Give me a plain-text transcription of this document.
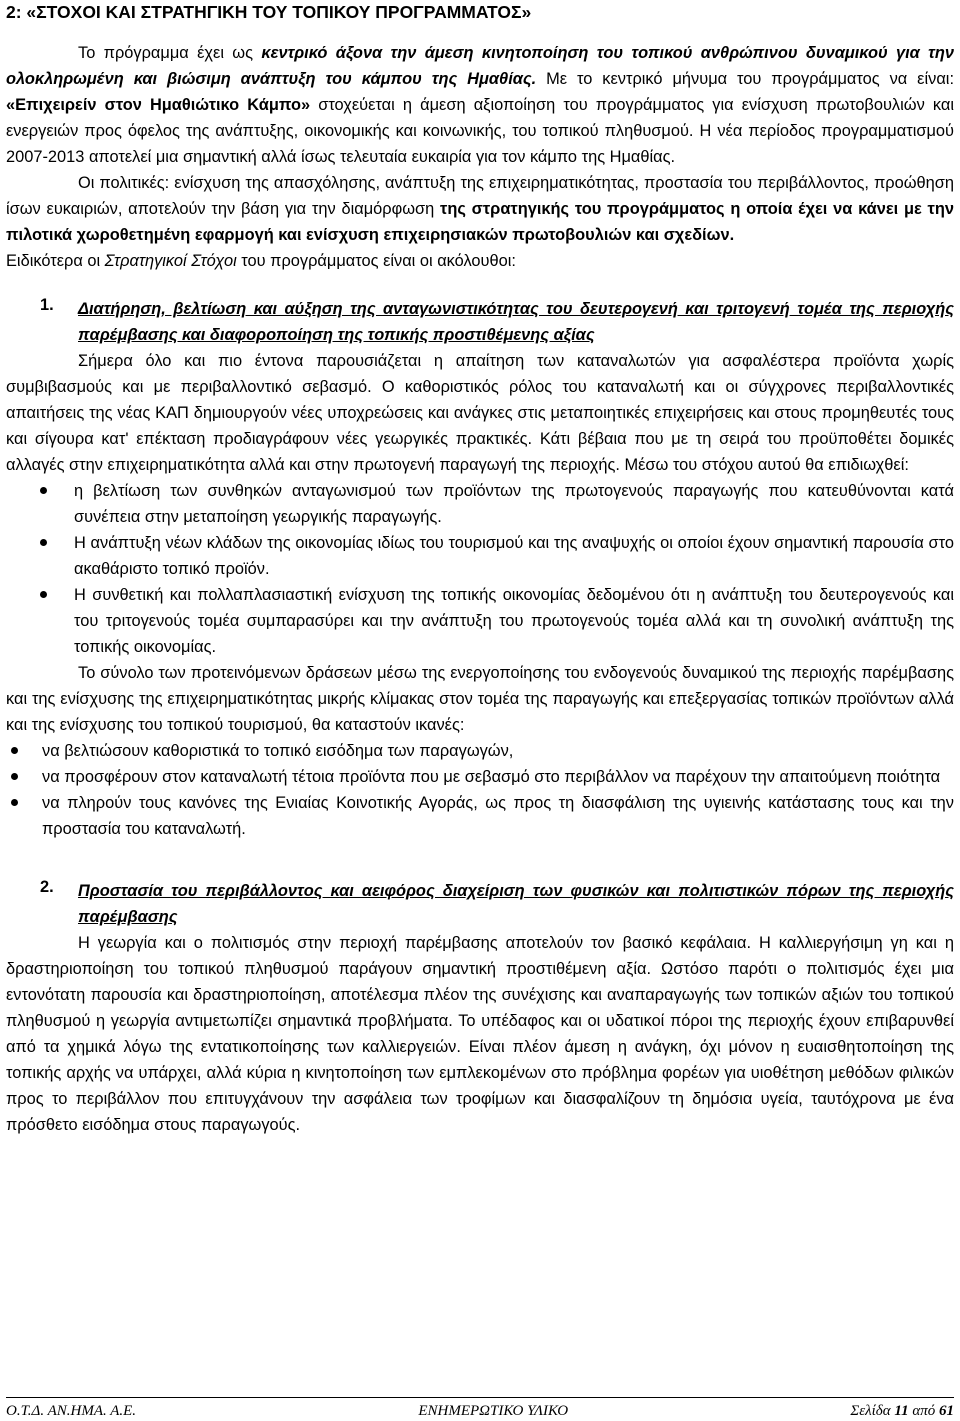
2: «ΣΤΟΧΟΙ ΚΑΙ ΣΤΡΑΤΗΓΙΚΗ ΤΟΥ ΤΟΠΙΚΟΥ ΠΡΟΓΡΑΜΜΑΤΟΣ»

Το πρόγραμμα έχει ως κεντρικό άξονα την άμεση κινητοποίηση του τοπικού ανθρώπινου δυναμικού για την ολοκληρωμένη και βιώσιμη ανάπτυξη του κάμπου της Ημαθίας. Με το κεντρικό μήνυμα του προγράμματος να είναι: «Επιχειρείν στον Ημαθιώτικο Κάμπο» στοχεύεται η άμεση αξιοποίηση του προγράμματος για ενίσχυση πρωτοβουλιών και ενεργειών προς όφελος της ανάπτυξης, οικονομικής και κοινωνικής, του τοπικού πληθυσμού. Η νέα περίοδος προγραμματισμού 2007-2013 αποτελεί μια σημαντική αλλά ίσως τελευταία ευκαιρία για τον κάμπο της Ημαθίας.

Οι πολιτικές: ενίσχυση της απασχόλησης, ανάπτυξη της επιχειρηματικότητας, προστασία του περιβάλλοντος, προώθηση ίσων ευκαιριών, αποτελούν την βάση για την διαμόρφωση της στρατηγικής του προγράμματος η οποία έχει να κάνει με την πιλοτικά χωροθετημένη εφαρμογή και ενίσχυση επιχειρησιακών πρωτοβουλιών και σχεδίων.

Ειδικότερα οι Στρατηγικοί Στόχοι του προγράμματος είναι οι ακόλουθοι:

1. Διατήρηση, βελτίωση και αύξηση της ανταγωνιστικότητας του δευτερογενή και τριτογενή τομέα της περιοχής παρέμβασης και διαφοροποίηση της τοπικής προστιθέμενης αξίας

Σήμερα όλο και πιο έντονα παρουσιάζεται η απαίτηση των καταναλωτών για ασφαλέστερα προϊόντα χωρίς συμβιβασμούς και με περιβαλλοντικό σεβασμό. Ο καθοριστικός ρόλος του καταναλωτή και οι σύγχρονες περιβαλλοντικές απαιτήσεις της νέας ΚΑΠ δημιουργούν νέες υποχρεώσεις και ανάγκες στις μεταποιητικές επιχειρήσεις και στους προμηθευτές τους και σίγουρα κατ' επέκταση προδιαγράφουν νέες γεωργικές πρακτικές. Κάτι βέβαια που με τη σειρά του προϋποθέτει δομικές αλλαγές στην επιχειρηματικότητα αλλά και στην πρωτογενή παραγωγή της περιοχής. Μέσω του στόχου αυτού θα επιδιωχθεί:

η βελτίωση των συνθηκών ανταγωνισμού των προϊόντων της πρωτογενούς παραγωγής που κατευθύνονται κατά συνέπεια στην μεταποίηση γεωργικής παραγωγής.
Η ανάπτυξη νέων κλάδων της οικονομίας ιδίως του τουρισμού και της αναψυχής οι οποίοι έχουν σημαντική παρουσία στο ακαθάριστο τοπικό προϊόν.
Η συνθετική και πολλαπλασιαστική ενίσχυση της τοπικής οικονομίας δεδομένου ότι η ανάπτυξη του δευτερογενούς και του τριτογενούς τομέα συμπαρασύρει και την ανάπτυξη του πρωτογενούς τομέα αλλά και τη συνολική ανάπτυξη της τοπικής οικονομίας.

Το σύνολο των προτεινόμενων δράσεων μέσω της ενεργοποίησης του ενδογενούς δυναμικού της περιοχής παρέμβασης και της ενίσχυσης της επιχειρηματικότητας μικρής κλίμακας στον τομέα της παραγωγής και επεξεργασίας τοπικών προϊόντων αλλά και της ενίσχυσης του τοπικού τουρισμού, θα καταστούν ικανές:

να βελτιώσουν καθοριστικά το τοπικό εισόδημα των παραγωγών,
να προσφέρουν στον καταναλωτή τέτοια προϊόντα που με σεβασμό στο περιβάλλον να παρέχουν την απαιτούμενη ποιότητα
να πληρούν τους κανόνες της Ενιαίας Κοινοτικής Αγοράς, ως προς τη διασφάλιση της υγιεινής κατάστασης τους και την προστασία του καταναλωτή.
2. Προστασία του περιβάλλοντος και αειφόρος διαχείριση των φυσικών και πολιτιστικών πόρων της περιοχής παρέμβασης

Η γεωργία και ο πολιτισμός στην περιοχή παρέμβασης αποτελούν τον βασικό κεφάλαια. Η καλλιεργήσιμη γη και η δραστηριοποίηση του τοπικού πληθυσμού παράγουν σημαντική προστιθέμενη αξία. Ωστόσο παρότι ο πολιτισμός έχει μια εντονότατη παρουσία και δραστηριοποίηση, αποτέλεσμα πλέον της συνέχισης και αναπαραγωγής των τοπικών αξιών του τοπικού πληθυσμού η γεωργία αντιμετωπίζει σημαντικά προβλήματα. Το υπέδαφος και οι υδατικοί πόροι της περιοχής έχουν επιβαρυνθεί από τα χημικά λόγω της εντατικοποίησης των καλλιεργειών. Είναι πλέον άμεση η ανάγκη, όχι μόνον η ευαισθητοποίηση της τοπικής αρχής να υπάρχει, αλλά κύρια η κινητοποίηση των εμπλεκομένων στο πρόβλημα φορέων για υιοθέτηση μεθόδων φιλικών προς το περιβάλλον που επιτυγχάνουν την ασφάλεια των τροφίμων και διασφαλίζουν τη δημόσια υγεία, ταυτόχρονα με ένα πρόσθετο εισόδημα στους παραγωγούς.

Ο.Τ.Δ. ΑΝ.ΗΜΑ. Α.Ε.	ΕΝΗΜΕΡΩΤΙΚΟ ΥΛΙΚΟ	Σελίδα 11 από 61
